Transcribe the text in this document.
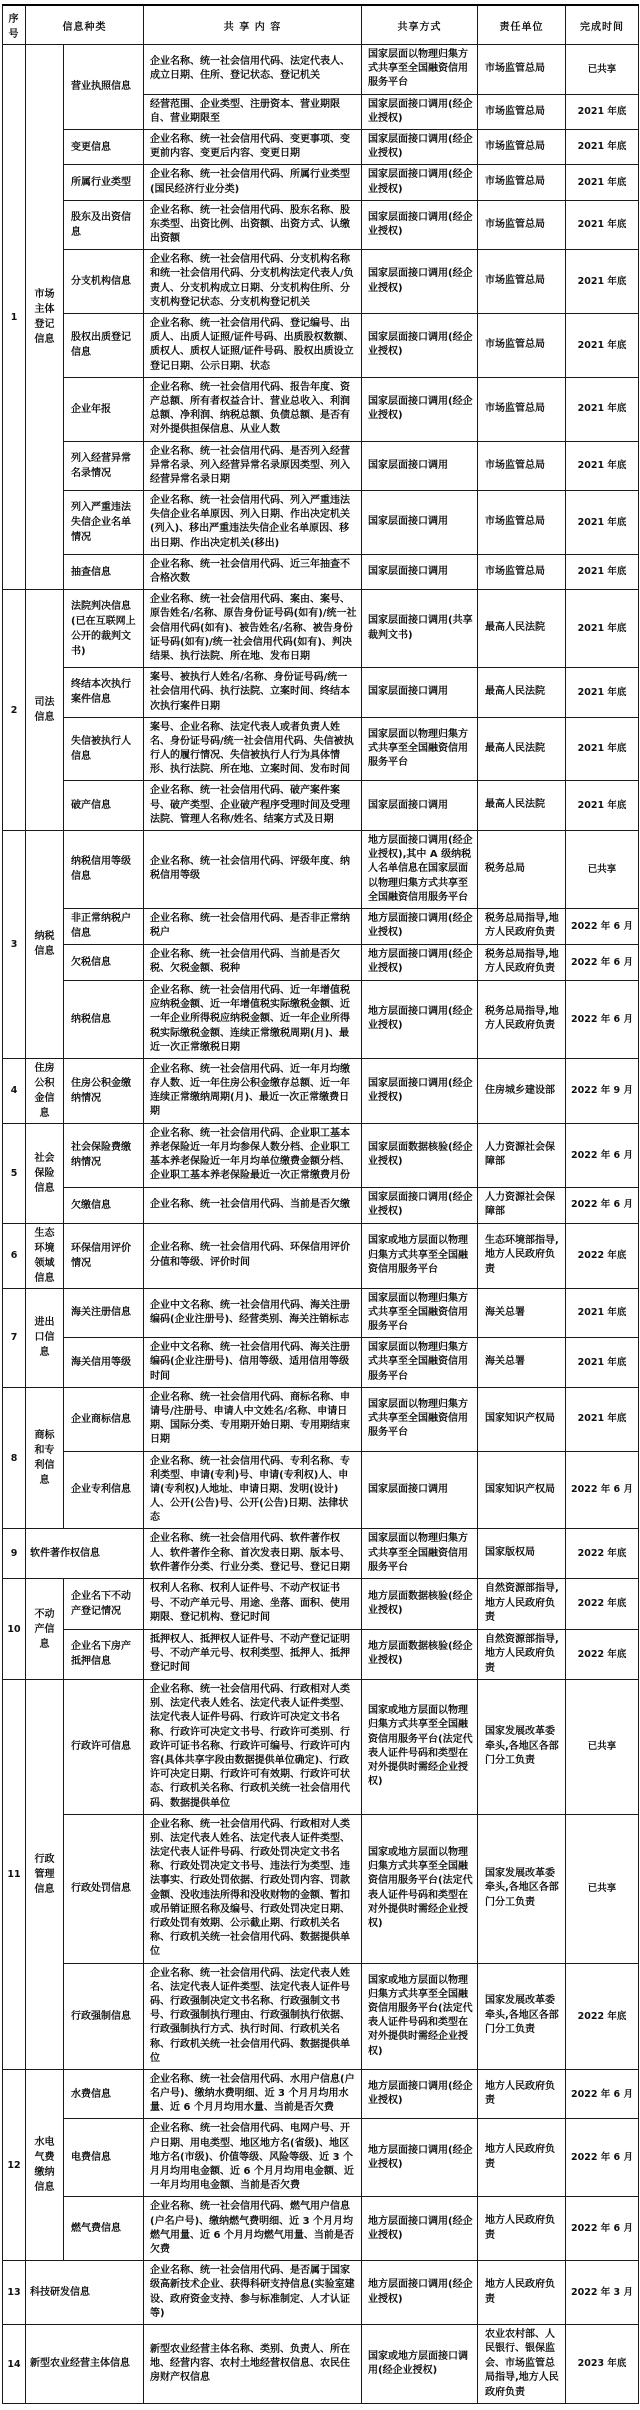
序号	信息种类		共 享 内 容	共享方式	责任单位	完成时间
1	市场主体登记信息	营业执照信息	企业名称、统一社会信用代码、法定代表人、成立日期、住所、登记状态、登记机关	国家层面以物理归集方式共享至全国融资信用服务平台	市场监管总局	已共享
			经营范围、企业类型、注册资本、营业期限自、营业期限至	国家层面接口调用(经企业授权)	市场监管总局	2021 年底
		变更信息	企业名称、统一社会信用代码、变更事项、变更前内容、变更后内容、变更日期	国家层面接口调用(经企业授权)	市场监管总局	2021 年底
		所属行业类型	企业名称、统一社会信用代码、所属行业类型(国民经济行业分类)	国家层面接口调用(经企业授权)	市场监管总局	2021 年底
		股东及出资信息	企业名称、统一社会信用代码、股东名称、股东类型、出资比例、出资额、出资方式、认缴出资额	国家层面接口调用(经企业授权)	市场监管总局	2021 年底
		分支机构信息	企业名称、统一社会信用代码、分支机构名称和统一社会信用代码、分支机构法定代表人/负责人、分支机构成立日期、分支机构住所、分支机构登记状态、分支机构登记机关	国家层面接口调用(经企业授权)	市场监管总局	2021 年底
		股权出质登记信息	企业名称、统一社会信用代码、登记编号、出质人、出质人证照/证件号码、出质股权数额、质权人、质权人证照/证件号码、股权出质设立登记日期、公示日期、状态	国家层面接口调用(经企业授权)	市场监管总局	2021 年底
		企业年报	企业名称、统一社会信用代码、报告年度、资产总额、所有者权益合计、营业总收入、利润总额、净利润、纳税总额、负债总额、是否有对外提供担保信息、从业人数	国家层面接口调用(经企业授权)	市场监管总局	2021 年底
		列入经营异常名录情况	企业名称、统一社会信用代码、是否列入经营异常名录、列入经营异常名录原因类型、列入经营异常名录日期	国家层面接口调用	市场监管总局	2021 年底
		列入严重违法失信企业名单情况	企业名称、统一社会信用代码、列入严重违法失信企业名单原因、列入日期、作出决定机关(列入)、移出严重违法失信企业名单原因、移出日期、作出决定机关(移出)	国家层面接口调用	市场监管总局	2021 年底
		抽查信息	企业名称、统一社会信用代码、近三年抽查不合格次数	国家层面接口调用	市场监管总局	2021 年底
2	司法信息	法院判决信息(已在互联网上公开的裁判文书)	企业名称、统一社会信用代码、案由、案号、原告姓名/名称、原告身份证号码(如有)/统一社会信用代码(如有)、被告姓名/名称、被告身份证号码(如有)/统一社会信用代码(如有)、判决结果、执行法院、所在地、发布日期	国家层面接口调用(共享裁判文书)	最高人民法院	2021 年底
		终结本次执行案件信息	案号、被执行人姓名/名称、身份证号码/统一社会信用代码、执行法院、立案时间、终结本次执行案件日期	国家层面接口调用	最高人民法院	2021 年底
		失信被执行人信息	案号、企业名称、法定代表人或者负责人姓名、身份证号码/统一社会信用代码、失信被执行人的履行情况、失信被执行人行为具体情形、执行法院、所在地、立案时间、发布时间	国家层面以物理归集方式共享至全国融资信用服务平台	最高人民法院	2021 年底
		破产信息	企业名称、统一社会信用代码、破产案件案号、破产类型、企业破产程序受理时间及受理法院、管理人名称/姓名、结案方式及日期	国家层面接口调用	最高人民法院	2021 年底
3	纳税信息	纳税信用等级信息	企业名称、统一社会信用代码、评级年度、纳税信用等级	地方层面接口调用(经企业授权),其中 A 级纳税人名单信息在国家层面以物理归集方式共享至全国融资信用服务平台	税务总局	已共享
		非正常纳税户信息	企业名称、统一社会信用代码、是否非正常纳税户	地方层面接口调用(经企业授权)	税务总局指导,地方人民政府负责	2022 年 6 月
		欠税信息	企业名称、统一社会信用代码、当前是否欠税、欠税金额、税种	地方层面接口调用(经企业授权)	税务总局指导,地方人民政府负责	2022 年 6 月
		纳税信息	企业名称、统一社会信用代码、近一年增值税应纳税金额、近一年增值税实际缴税金额、近一年企业所得税应纳税金额、近一年企业所得税实际缴税金额、连续正常缴税周期(月)、最近一次正常缴税日期	地方层面接口调用(经企业授权)	税务总局指导,地方人民政府负责	2022 年 6 月
4	住房公积金信息	住房公积金缴纳情况	企业名称、统一社会信用代码、近一年月均缴存人数、近一年住房公积金缴存总额、近一年连续正常缴纳周期(月)、最近一次正常缴费日期	国家层面接口调用(经企业授权)	住房城乡建设部	2022 年 9 月
5	社会保险信息	社会保险费缴纳情况	企业名称、统一社会信用代码、企业职工基本养老保险近一年月均参保人数分档、企业职工基本养老保险近一年月均单位缴费金额分档、企业职工基本养老保险最近一次正常缴费月份	国家层面数据核验(经企业授权)	人力资源社会保障部	2022 年 6 月
		欠缴信息	企业名称、统一社会信用代码、当前是否欠缴	国家层面接口调用(经企业授权)	人力资源社会保障部	2022 年 6 月
6	生态环境领域信息	环保信用评价情况	企业名称、统一社会信用代码、环保信用评价分值和等级、评价时间	国家或地方层面以物理归集方式共享至全国融资信用服务平台	生态环境部指导,地方人民政府负责	2022 年底
7	进出口信息	海关注册信息	企业中文名称、统一社会信用代码、海关注册编码(企业注册号)、经营类别、海关注销标志	国家层面以物理归集方式共享至全国融资信用服务平台	海关总署	2021 年底
		海关信用等级	企业中文名称、统一社会信用代码、海关注册编码(企业注册号)、信用等级、适用信用等级时间	国家层面以物理归集方式共享至全国融资信用服务平台	海关总署	2021 年底
8	商标和专利信息	企业商标信息	企业名称、统一社会信用代码、商标名称、申请号/注册号、申请人中文姓名/名称、申请日期、国际分类、专用期开始日期、专用期结束日期	国家层面以物理归集方式共享至全国融资信用服务平台	国家知识产权局	2021 年底
		企业专利信息	企业名称、统一社会信用代码、专利名称、专利类型、申请(专利)号、申请(专利权)人、申请(专利权)人地址、申请日期、发明(设计)人、公开(公告)号、公开(公告)日期、法律状态	国家层面接口调用	国家知识产权局	2022 年 6 月
9	软件著作权信息		企业名称、统一社会信用代码、软件著作权人、软件著作全称、首次发表日期、版本号、软件著作分类、行业分类、登记号、登记日期	国家层面以物理归集方式共享至全国融资信用服务平台	国家版权局	2022 年底
10	不动产信息	企业名下不动产登记情况	权利人名称、权利人证件号、不动产权证书号、不动产单元号、用途、坐落、面积、使用期限、登记机构、登记时间	地方层面数据核验(经企业授权)	自然资源部指导,地方人民政府负责	2022 年底
		企业名下房产抵押信息	抵押权人、抵押权人证件号、不动产登记证明号、不动产单元号、权利类型、抵押人、抵押登记时间	地方层面数据核验(经企业授权)	自然资源部指导,地方人民政府负责	2022 年底
11	行政管理信息	行政许可信息	企业名称、统一社会信用代码、行政相对人类别、法定代表人姓名、法定代表人证件类型、法定代表人证件号码、行政许可决定文书名称、行政许可决定文书号、行政许可类别、行政许可证书名称、行政许可编号、行政许可内容(具体共享字段由数据提供单位确定)、行政许可决定日期、行政许可有效期、行政许可状态、行政机关名称、行政机关统一社会信用代码、数据提供单位	国家或地方层面以物理归集方式共享至全国融资信用服务平台(法定代表人证件号码和类型在对外提供时需经企业授权)	国家发展改革委牵头,各地区各部门分工负责	已共享
		行政处罚信息	企业名称、统一社会信用代码、行政相对人类别、法定代表人姓名、法定代表人证件类型、法定代表人证件号码、行政处罚决定文书名称、行政处罚决定文书号、违法行为类型、违法事实、行政处罚依据、行政处罚内容、罚款金额、没收违法所得和没收财物的金额、暂扣或吊销证照名称及编号、行政处罚决定日期、行政处罚有效期、公示截止期、行政机关名称、行政机关统一社会信用代码、数据提供单位	国家或地方层面以物理归集方式共享至全国融资信用服务平台(法定代表人证件号码和类型在对外提供时需经企业授权)	国家发展改革委牵头,各地区各部门分工负责	已共享
		行政强制信息	企业名称、统一社会信用代码、法定代表人姓名、法定代表人证件类型、法定代表人证件号码、行政强制决定文书名称、行政强制文书号、行政强制执行理由、行政强制执行依据、行政强制执行方式、执行时间、行政机关名称、行政机关统一社会信用代码、数据提供单位	国家或地方层面以物理归集方式共享至全国融资信用服务平台(法定代表人证件号码和类型在对外提供时需经企业授权)	国家发展改革委牵头,各地区各部门分工负责	2022 年底
12	水电气费缴纳信息	水费信息	企业名称、统一社会信用代码、水用户信息(户名户号)、缴纳水费明细、近 3 个月月均用水量、近 6 个月月均用水量、当前是否欠费	地方层面接口调用(经企业授权)	地方人民政府负责	2022 年 6 月
		电费信息	企业名称、统一社会信用代码、电网户号、开户日期、用电类型、地区地方名(省级)、地区地方名(市级)、价值等级、风险等级、近 3 个月月均用电金额、近 6 个月月均用电金额、近一年月均用电金额、当前是否欠费	地方层面接口调用(经企业授权)	地方人民政府负责	2022 年 6 月
		燃气费信息	企业名称、统一社会信用代码、燃气用户信息(户名户号)、缴纳燃气费明细、近 3 个月月均燃气用量、近 6 个月月均燃气用量、当前是否欠费	地方层面接口调用(经企业授权)	地方人民政府负责	2022 年 6 月
13	科技研发信息		企业名称、统一社会信用代码、是否属于国家级高新技术企业、获得科研支持信息(实验室建设、政府资金支持、参与标准制定、人才认证等)	地方层面接口调用(经企业授权)	地方人民政府负责	2022 年 3 月
14	新型农业经营主体信息		新型农业经营主体名称、类别、负责人、所在地、经营内容、农村土地经营权信息、农民住房财产权信息	国家或地方层面接口调用(经企业授权)	农业农村部、人民银行、银保监会、市场监管总局指导,地方人民政府负责	2023 年底
